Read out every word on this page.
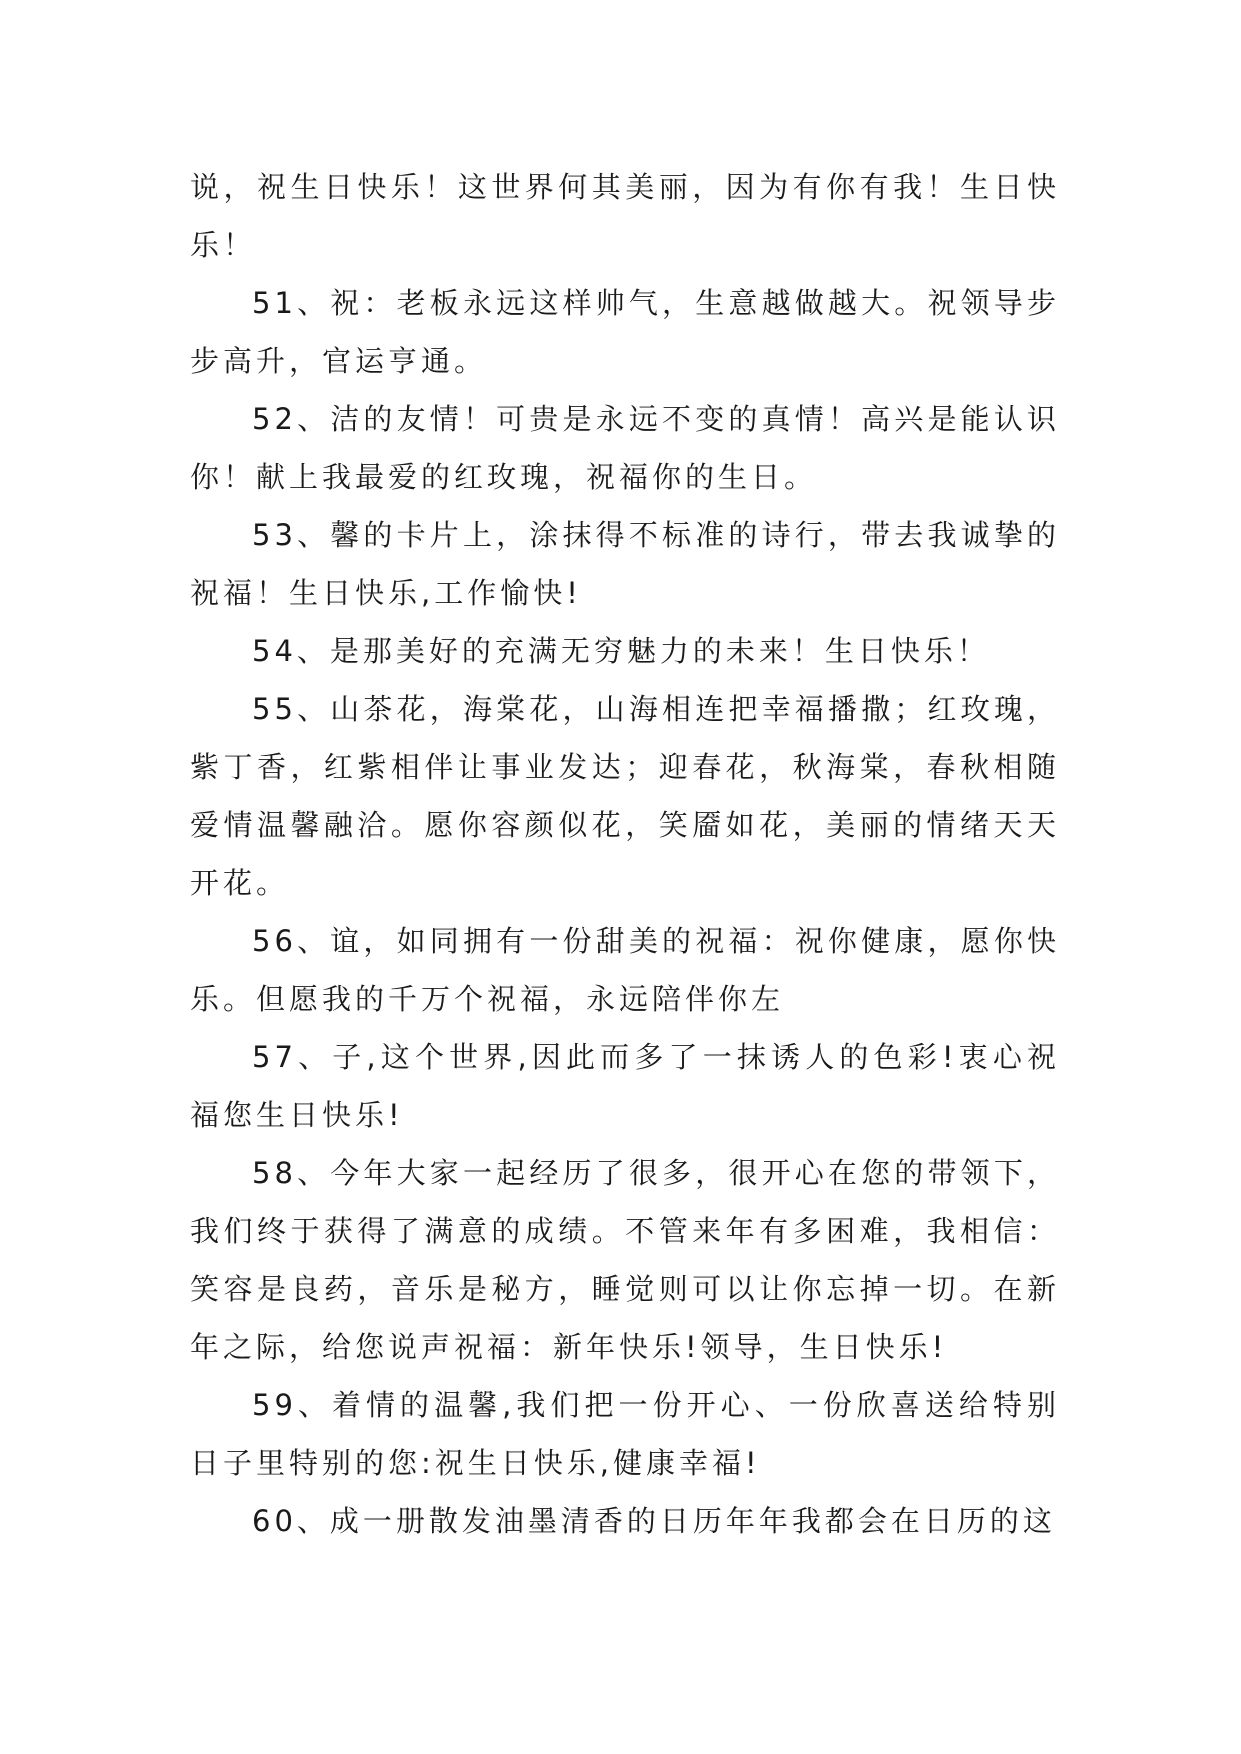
说，祝生日快乐！这世界何其美丽，因为有你有我！生日快乐！

51、祝：老板永远这样帅气，生意越做越大。祝领导步步高升，官运亨通。

52、洁的友情！可贵是永远不变的真情！高兴是能认识你！献上我最爱的红玫瑰，祝福你的生日。

53、馨的卡片上，涂抹得不标准的诗行，带去我诚挚的祝福！生日快乐,工作愉快!

54、是那美好的充满无穷魅力的未来！生日快乐！

55、山茶花，海棠花，山海相连把幸福播撒；红玫瑰，紫丁香，红紫相伴让事业发达；迎春花，秋海棠，春秋相随爱情温馨融洽。愿你容颜似花，笑靥如花，美丽的情绪天天开花。

56、谊，如同拥有一份甜美的祝福：祝你健康，愿你快乐。但愿我的千万个祝福，永远陪伴你左

57、子,这个世界,因此而多了一抹诱人的色彩!衷心祝福您生日快乐!

58、今年大家一起经历了很多，很开心在您的带领下，我们终于获得了满意的成绩。不管来年有多困难，我相信：笑容是良药，音乐是秘方，睡觉则可以让你忘掉一切。在新年之际，给您说声祝福：新年快乐!领导，生日快乐!

59、着情的温馨,我们把一份开心、一份欣喜送给特别日子里特别的您:祝生日快乐,健康幸福!

60、成一册散发油墨清香的日历年年我都会在日历的这
